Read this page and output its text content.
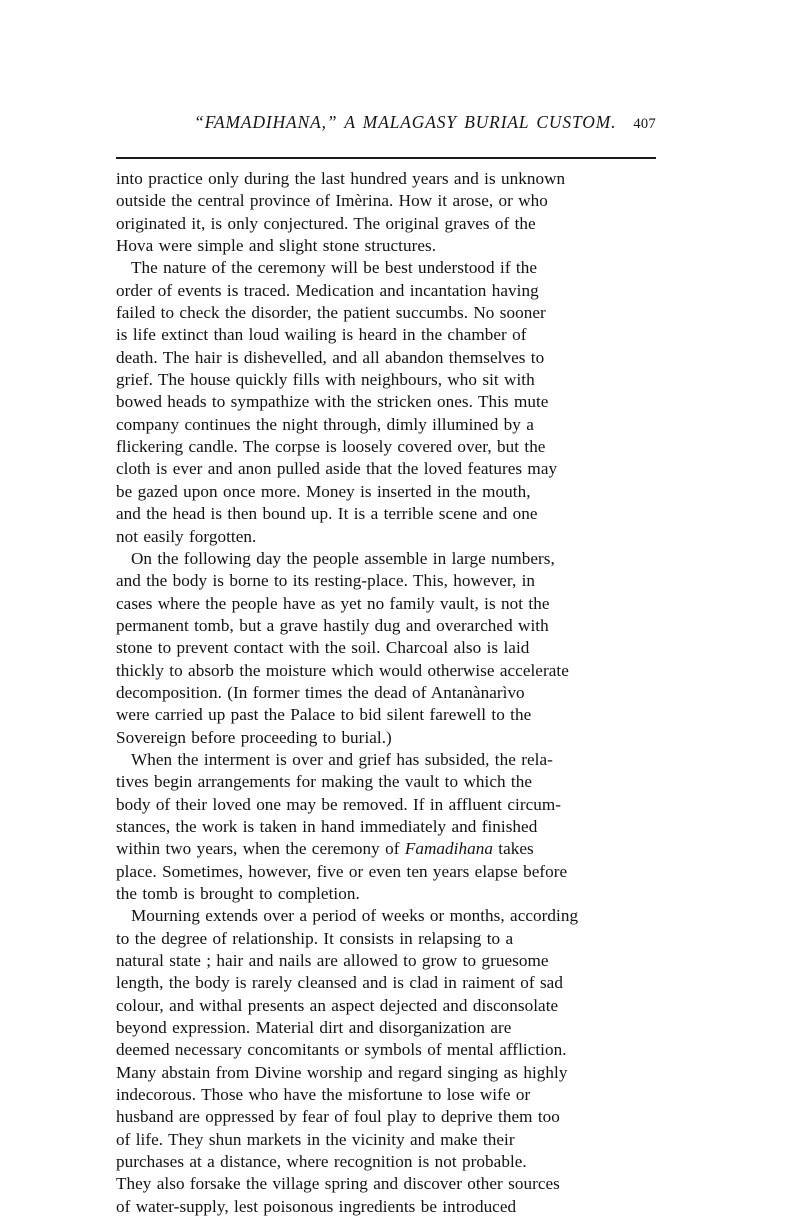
“FAMADIHANA,” A MALAGASY BURIAL CUSTOM. 407

into practice only during the last hundred years and is unknown
outside the central province of Imèrina. How it arose, or who
originated it, is only conjectured. The original graves of the
Hova were simple and slight stone structures.

The nature of the ceremony will be best understood if the
order of events is traced. Medication and incantation having
failed to check the disorder, the patient succumbs. No sooner
is life extinct than loud wailing is heard in the chamber of
death. The hair is dishevelled, and all abandon themselves to
grief. The house quickly fills with neighbours, who sit with
bowed heads to sympathize with the stricken ones. This mute
company continues the night through, dimly illumined by a
flickering candle. The corpse is loosely covered over, but the
cloth is ever and anon pulled aside that the loved features may
be gazed upon once more. Money is inserted in the mouth,
and the head is then bound up. It is a terrible scene and one
not easily forgotten.

On the following day the people assemble in large numbers,
and the body is borne to its resting-place. This, however, in
cases where the people have as yet no family vault, is not the
permanent tomb, but a grave hastily dug and overarched with
stone to prevent contact with the soil. Charcoal also is laid
thickly to absorb the moisture which would otherwise accelerate
decomposition. (In former times the dead of Antanànarìvo
were carried up past the Palace to bid silent farewell to the
Sovereign before proceeding to burial.)

When the interment is over and grief has subsided, the rela-
tives begin arrangements for making the vault to which the
body of their loved one may be removed. If in affluent circum-
stances, the work is taken in hand immediately and finished
within two years, when the ceremony of Famadihana takes
place. Sometimes, however, five or even ten years elapse before
the tomb is brought to completion.

Mourning extends over a period of weeks or months, according
to the degree of relationship. It consists in relapsing to a
natural state ; hair and nails are allowed to grow to gruesome
length, the body is rarely cleansed and is clad in raiment of sad
colour, and withal presents an aspect dejected and disconsolate
beyond expression. Material dirt and disorganization are
deemed necessary concomitants or symbols of mental affliction.
Many abstain from Divine worship and regard singing as highly
indecorous. Those who have the misfortune to lose wife or
husband are oppressed by fear of foul play to deprive them too
of life. They shun markets in the vicinity and make their
purchases at a distance, where recognition is not probable.
They also forsake the village spring and discover other sources
of water-supply, lest poisonous ingredients be introduced
